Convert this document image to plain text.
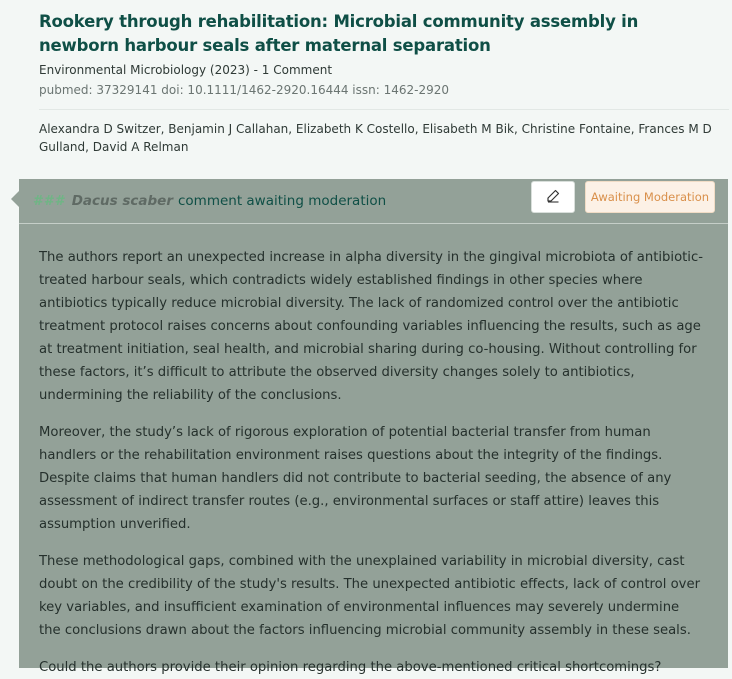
Rookery through rehabilitation: Microbial community assembly in newborn harbour seals after maternal separation
Environmental Microbiology (2023) - 1 Comment
pubmed: 37329141 doi: 10.1111/1462-2920.16444 issn: 1462-2920
Alexandra D Switzer, Benjamin J Callahan, Elizabeth K Costello, Elisabeth M Bik, Christine Fontaine, Frances M D Gulland, David A Relman
### Dacus scaber comment awaiting moderation	Awaiting Moderation

The authors report an unexpected increase in alpha diversity in the gingival microbiota of antibiotic-treated harbour seals, which contradicts widely established findings in other species where antibiotics typically reduce microbial diversity. The lack of randomized control over the antibiotic treatment protocol raises concerns about confounding variables influencing the results, such as age at treatment initiation, seal health, and microbial sharing during co-housing. Without controlling for these factors, it’s difficult to attribute the observed diversity changes solely to antibiotics, undermining the reliability of the conclusions.

Moreover, the study’s lack of rigorous exploration of potential bacterial transfer from human handlers or the rehabilitation environment raises questions about the integrity of the findings. Despite claims that human handlers did not contribute to bacterial seeding, the absence of any assessment of indirect transfer routes (e.g., environmental surfaces or staff attire) leaves this assumption unverified.

These methodological gaps, combined with the unexplained variability in microbial diversity, cast doubt on the credibility of the study's results. The unexpected antibiotic effects, lack of control over key variables, and insufficient examination of environmental influences may severely undermine the conclusions drawn about the factors influencing microbial community assembly in these seals.

Could the authors provide their opinion regarding the above-mentioned critical shortcomings?
